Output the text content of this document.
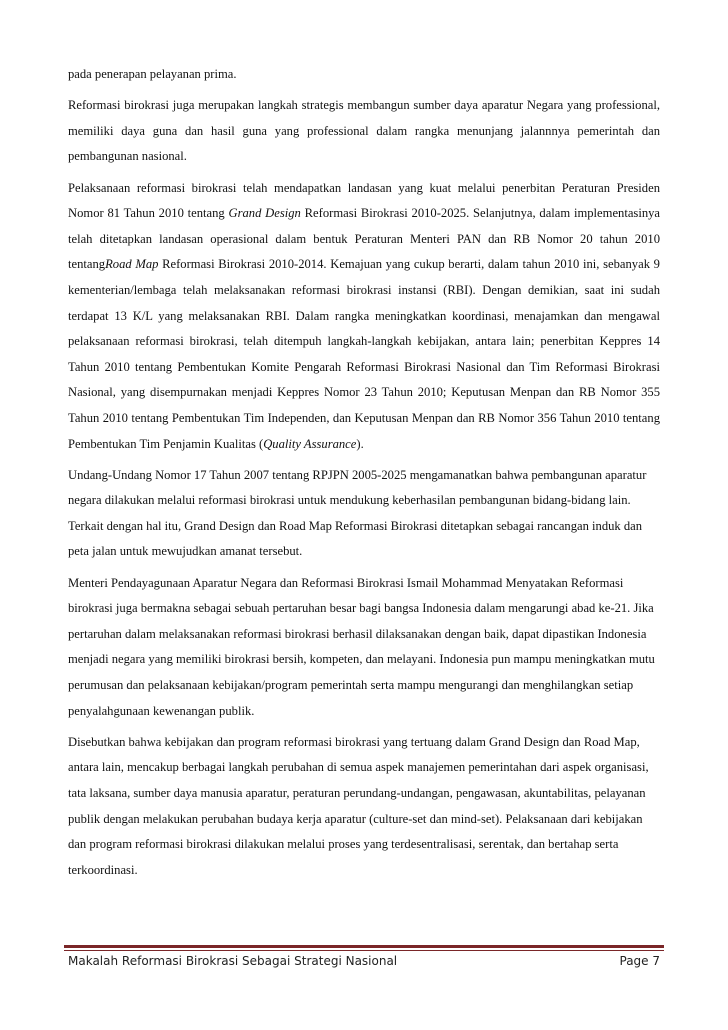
pada penerapan pelayanan prima.

Reformasi birokrasi juga merupakan langkah strategis membangun sumber daya aparatur Negara yang professional, memiliki daya guna dan hasil guna yang professional dalam rangka menunjang jalannnya pemerintah dan pembangunan nasional.

Pelaksanaan reformasi birokrasi telah mendapatkan landasan yang kuat melalui penerbitan Peraturan Presiden Nomor 81 Tahun 2010 tentang Grand Design Reformasi Birokrasi 2010-2025. Selanjutnya, dalam implementasinya telah ditetapkan landasan operasional dalam bentuk Peraturan Menteri PAN dan RB Nomor 20 tahun 2010 tentangRoad Map Reformasi Birokrasi 2010-2014. Kemajuan yang cukup berarti, dalam tahun 2010 ini, sebanyak 9 kementerian/lembaga telah melaksanakan reformasi birokrasi instansi (RBI). Dengan demikian, saat ini sudah terdapat 13 K/L yang melaksanakan RBI. Dalam rangka meningkatkan koordinasi, menajamkan dan mengawal pelaksanaan reformasi birokrasi, telah ditempuh langkah-langkah kebijakan, antara lain; penerbitan Keppres 14 Tahun 2010 tentang Pembentukan Komite Pengarah Reformasi Birokrasi Nasional dan Tim Reformasi Birokrasi Nasional, yang disempurnakan menjadi Keppres Nomor 23 Tahun 2010; Keputusan Menpan dan RB Nomor 355 Tahun 2010 tentang Pembentukan Tim Independen, dan Keputusan Menpan dan RB Nomor 356 Tahun 2010 tentang Pembentukan Tim Penjamin Kualitas (Quality Assurance).

Undang-Undang Nomor 17 Tahun 2007 tentang RPJPN 2005-2025 mengamanatkan bahwa pembangunan aparatur negara dilakukan melalui reformasi birokrasi untuk mendukung keberhasilan pembangunan bidang-bidang lain. Terkait dengan hal itu, Grand Design dan Road Map Reformasi Birokrasi ditetapkan sebagai rancangan induk dan peta jalan untuk mewujudkan amanat tersebut.

Menteri Pendayagunaan Aparatur Negara dan Reformasi Birokrasi Ismail Mohammad Menyatakan Reformasi birokrasi juga bermakna sebagai sebuah pertaruhan besar bagi bangsa Indonesia dalam mengarungi abad ke-21. Jika pertaruhan dalam melaksanakan reformasi birokrasi berhasil dilaksanakan dengan baik, dapat dipastikan Indonesia menjadi negara yang memiliki birokrasi bersih, kompeten, dan melayani. Indonesia pun mampu meningkatkan mutu perumusan dan pelaksanaan kebijakan/program pemerintah serta mampu mengurangi dan menghilangkan setiap penyalahgunaan kewenangan publik.

Disebutkan bahwa kebijakan dan program reformasi birokrasi yang tertuang dalam Grand Design dan Road Map, antara lain, mencakup berbagai langkah perubahan di semua aspek manajemen pemerintahan dari aspek organisasi, tata laksana, sumber daya manusia aparatur, peraturan perundang-undangan, pengawasan, akuntabilitas, pelayanan publik dengan melakukan perubahan budaya kerja aparatur (culture-set dan mind-set). Pelaksanaan dari kebijakan dan program reformasi birokrasi dilakukan melalui proses yang terdesentralisasi, serentak, dan bertahap serta terkoordinasi.

Makalah Reformasi Birokrasi Sebagai Strategi Nasional	Page 7
